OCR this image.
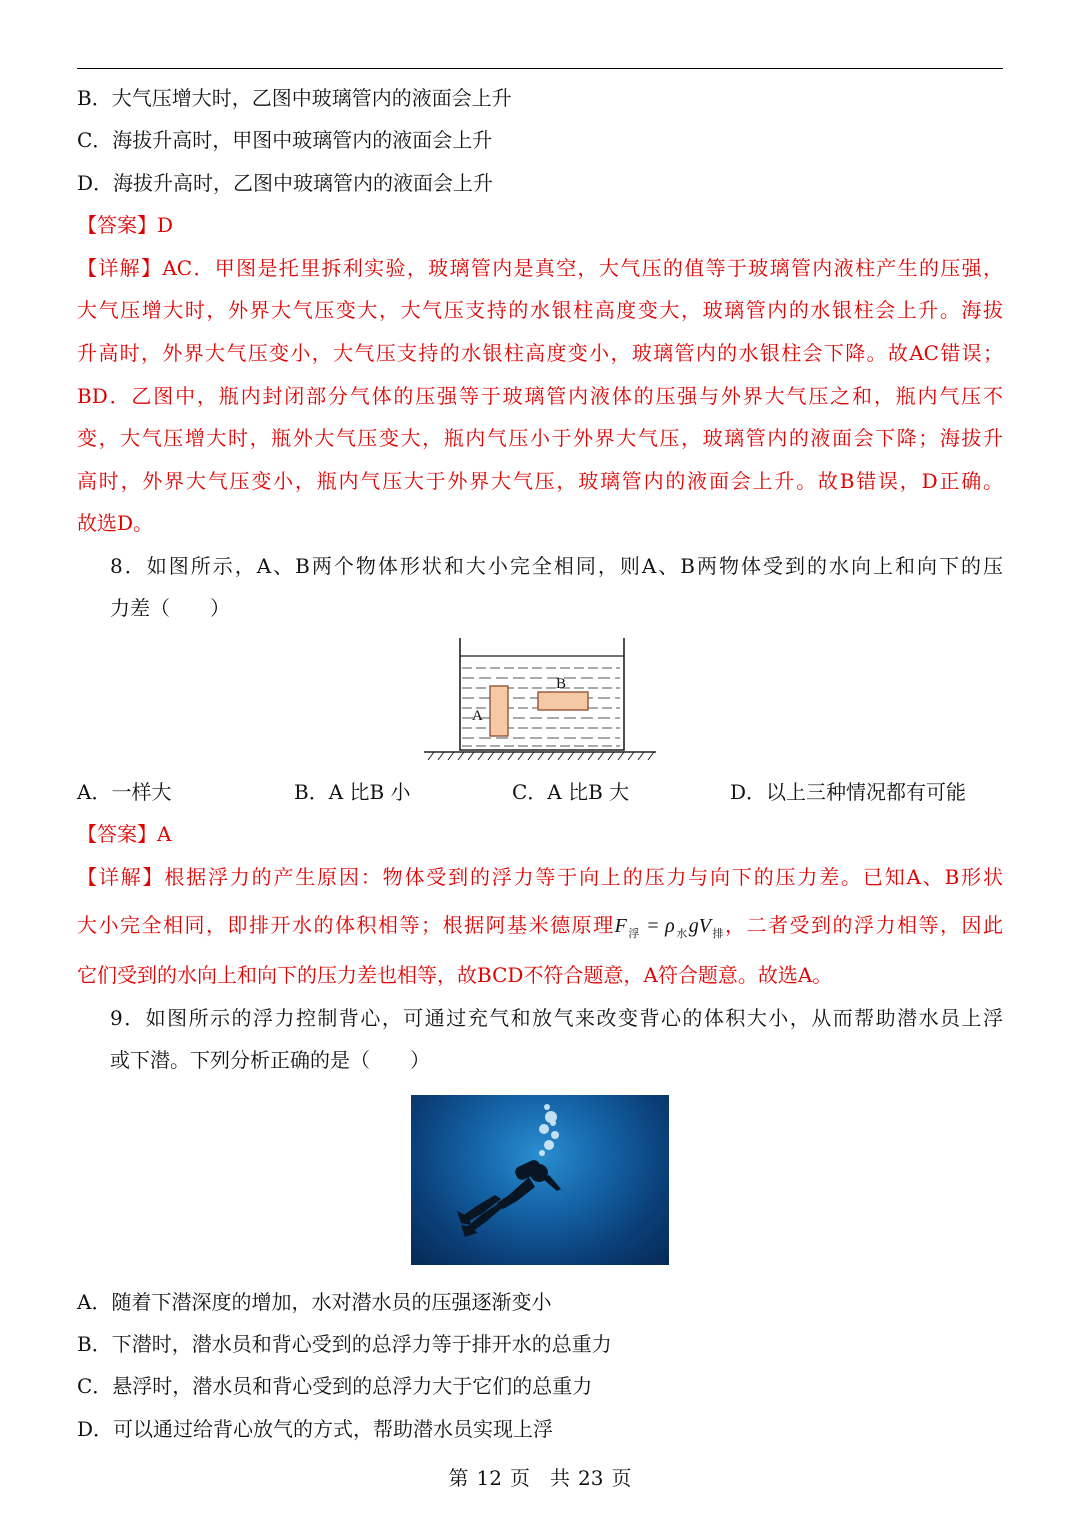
B．大气压增大时，乙图中玻璃管内的液面会上升
C．海拔升高时，甲图中玻璃管内的液面会上升
D．海拔升高时，乙图中玻璃管内的液面会上升
【答案】D
【详解】AC．甲图是托里拆利实验，玻璃管内是真空，大气压的值等于玻璃管内液柱产生的压强，
大气压增大时，外界大气压变大，大气压支持的水银柱高度变大，玻璃管内的水银柱会上升。海拔
升高时，外界大气压变小，大气压支持的水银柱高度变小，玻璃管内的水银柱会下降。故AC错误；
BD．乙图中，瓶内封闭部分气体的压强等于玻璃管内液体的压强与外界大气压之和，瓶内气压不
变，大气压增大时，瓶外大气压变大，瓶内气压小于外界大气压，玻璃管内的液面会下降；海拔升
高时，外界大气压变小，瓶内气压大于外界大气压，玻璃管内的液面会上升。故B错误，D正确。
故选D。
8．如图所示，A、B两个物体形状和大小完全相同，则A、B两物体受到的水向上和向下的压
力差（　　）
A
B
A．一样大	B．A 比B 小	C．A 比B 大	D．以上三种情况都有可能
【答案】A
【详解】根据浮力的产生原因：物体受到的浮力等于向上的压力与向下的压力差。已知A、B形状
大小完全相同，即排开水的体积相等；根据阿基米德原理$F_浮 = \rho_水gV_排$，二者受到的浮力相等，因此
它们受到的水向上和向下的压力差也相等，故BCD不符合题意，A符合题意。故选A。
9．如图所示的浮力控制背心，可通过充气和放气来改变背心的体积大小，从而帮助潜水员上浮
或下潜。下列分析正确的是（　　）
A．随着下潜深度的增加，水对潜水员的压强逐渐变小
B．下潜时，潜水员和背心受到的总浮力等于排开水的总重力
C．悬浮时，潜水员和背心受到的总浮力大于它们的总重力
D．可以通过给背心放气的方式，帮助潜水员实现上浮
第 12 页　共 23 页
